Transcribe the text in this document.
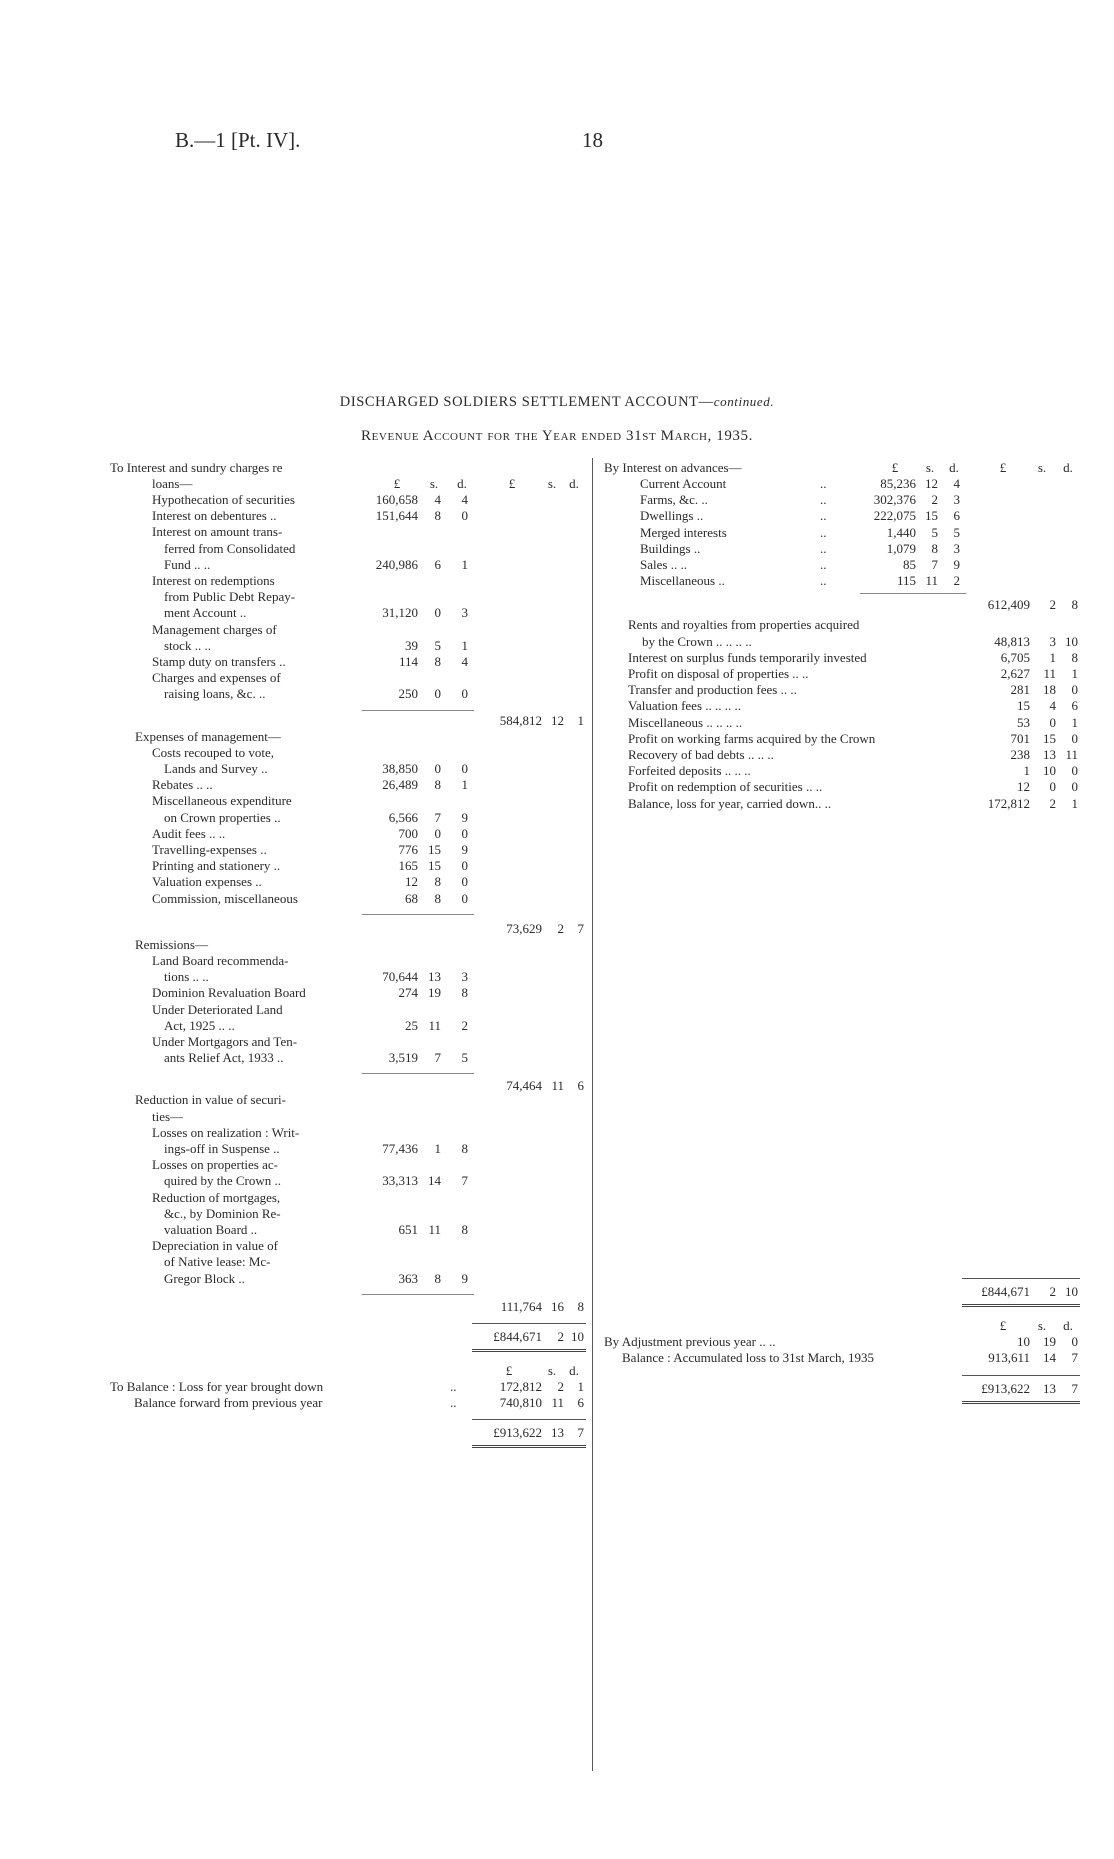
B.—1 [Pt. IV].	18
DISCHARGED SOLDIERS SETTLEMENT ACCOUNT—continued.
Revenue Account for the Year ended 31st March, 1935.
To Interest and sundry charges re
loans—	£	s.	d.	£	s. d.
Hypothecation of securities	160,658	4	4
Interest on debentures ..	151,644	8	0
Interest on amount trans-
ferred from Consolidated
Fund .. ..	240,986	6	1
Interest on redemptions
from Public Debt Repay-
ment Account ..	31,120	0	3
Management charges of
stock .. ..	39	5	1
Stamp duty on transfers ..	114	8	4
Charges and expenses of
raising loans, &c. ..	250	0	0
584,812 12	1
Expenses of management—
Costs recouped to vote,
Lands and Survey ..	38,850	0	0
Rebates .. ..	26,489	8	1
Miscellaneous expenditure
on Crown properties ..	6,566	7	9
Audit fees .. ..	700	0	0
Travelling-expenses ..	776 15	9
Printing and stationery ..	165 15	0
Valuation expenses ..	12	8	0
Commission, miscellaneous	68	8	0
73,629	2	7
Remissions—
Land Board recommenda-
tions .. ..	70,644 13	3
Dominion Revaluation Board	274 19	8
Under Deteriorated Land
Act, 1925 .. ..	25 11	2
Under Mortgagors and Ten-
ants Relief Act, 1933 ..	3,519	7	5
74,464 11	6
Reduction in value of securi-
ties—
Losses on realization : Writ-
ings-off in Suspense ..	77,436	1	8
Losses on properties ac-
quired by the Crown ..	33,313 14	7
Reduction of mortgages,
&c., by Dominion Re-
valuation Board ..	651 11	8
Depreciation in value of
of Native lease: Mc-
Gregor Block ..	363	8	9
111,764 16	8
£844,671	2 10
£	s. d.
To Balance : Loss for year brought down	..	172,812	2	1
Balance forward from previous year	..	740,810 11	6
£913,622 13	7
By Interest on advances—	£	s.	d.	£	s.	d.
Current Account	..	85,236 12	4
Farms, &c. ..	..	302,376	2	3
Dwellings ..	..	222,075 15	6
Merged interests	..	1,440	5	5
Buildings ..	..	1,079	8	3
Sales .. ..	..	85	7	9
Miscellaneous ..	..	115 11	2
612,409	2	8
Rents and royalties from properties acquired
by the Crown .. .. .. ..	48,813	3 10
Interest on surplus funds temporarily invested	6,705	1	8
Profit on disposal of properties .. ..	2,627	11	1
Transfer and production fees .. ..	281	18	0
Valuation fees .. .. .. ..	15	4	6
Miscellaneous .. .. .. ..	53	0	1
Profit on working farms acquired by the Crown	701	15	0
Recovery of bad debts .. .. ..	238	13 11
Forfeited deposits .. .. ..	1	10	0
Profit on redemption of securities .. ..	12	0	0
Balance, loss for year, carried down.. ..	172,812	2	1
£844,671	2 10
£	s.	d.
By Adjustment previous year .. ..	10	19	0
Balance : Accumulated loss to 31st March, 1935	913,611	14	7
£913,622	13	7
